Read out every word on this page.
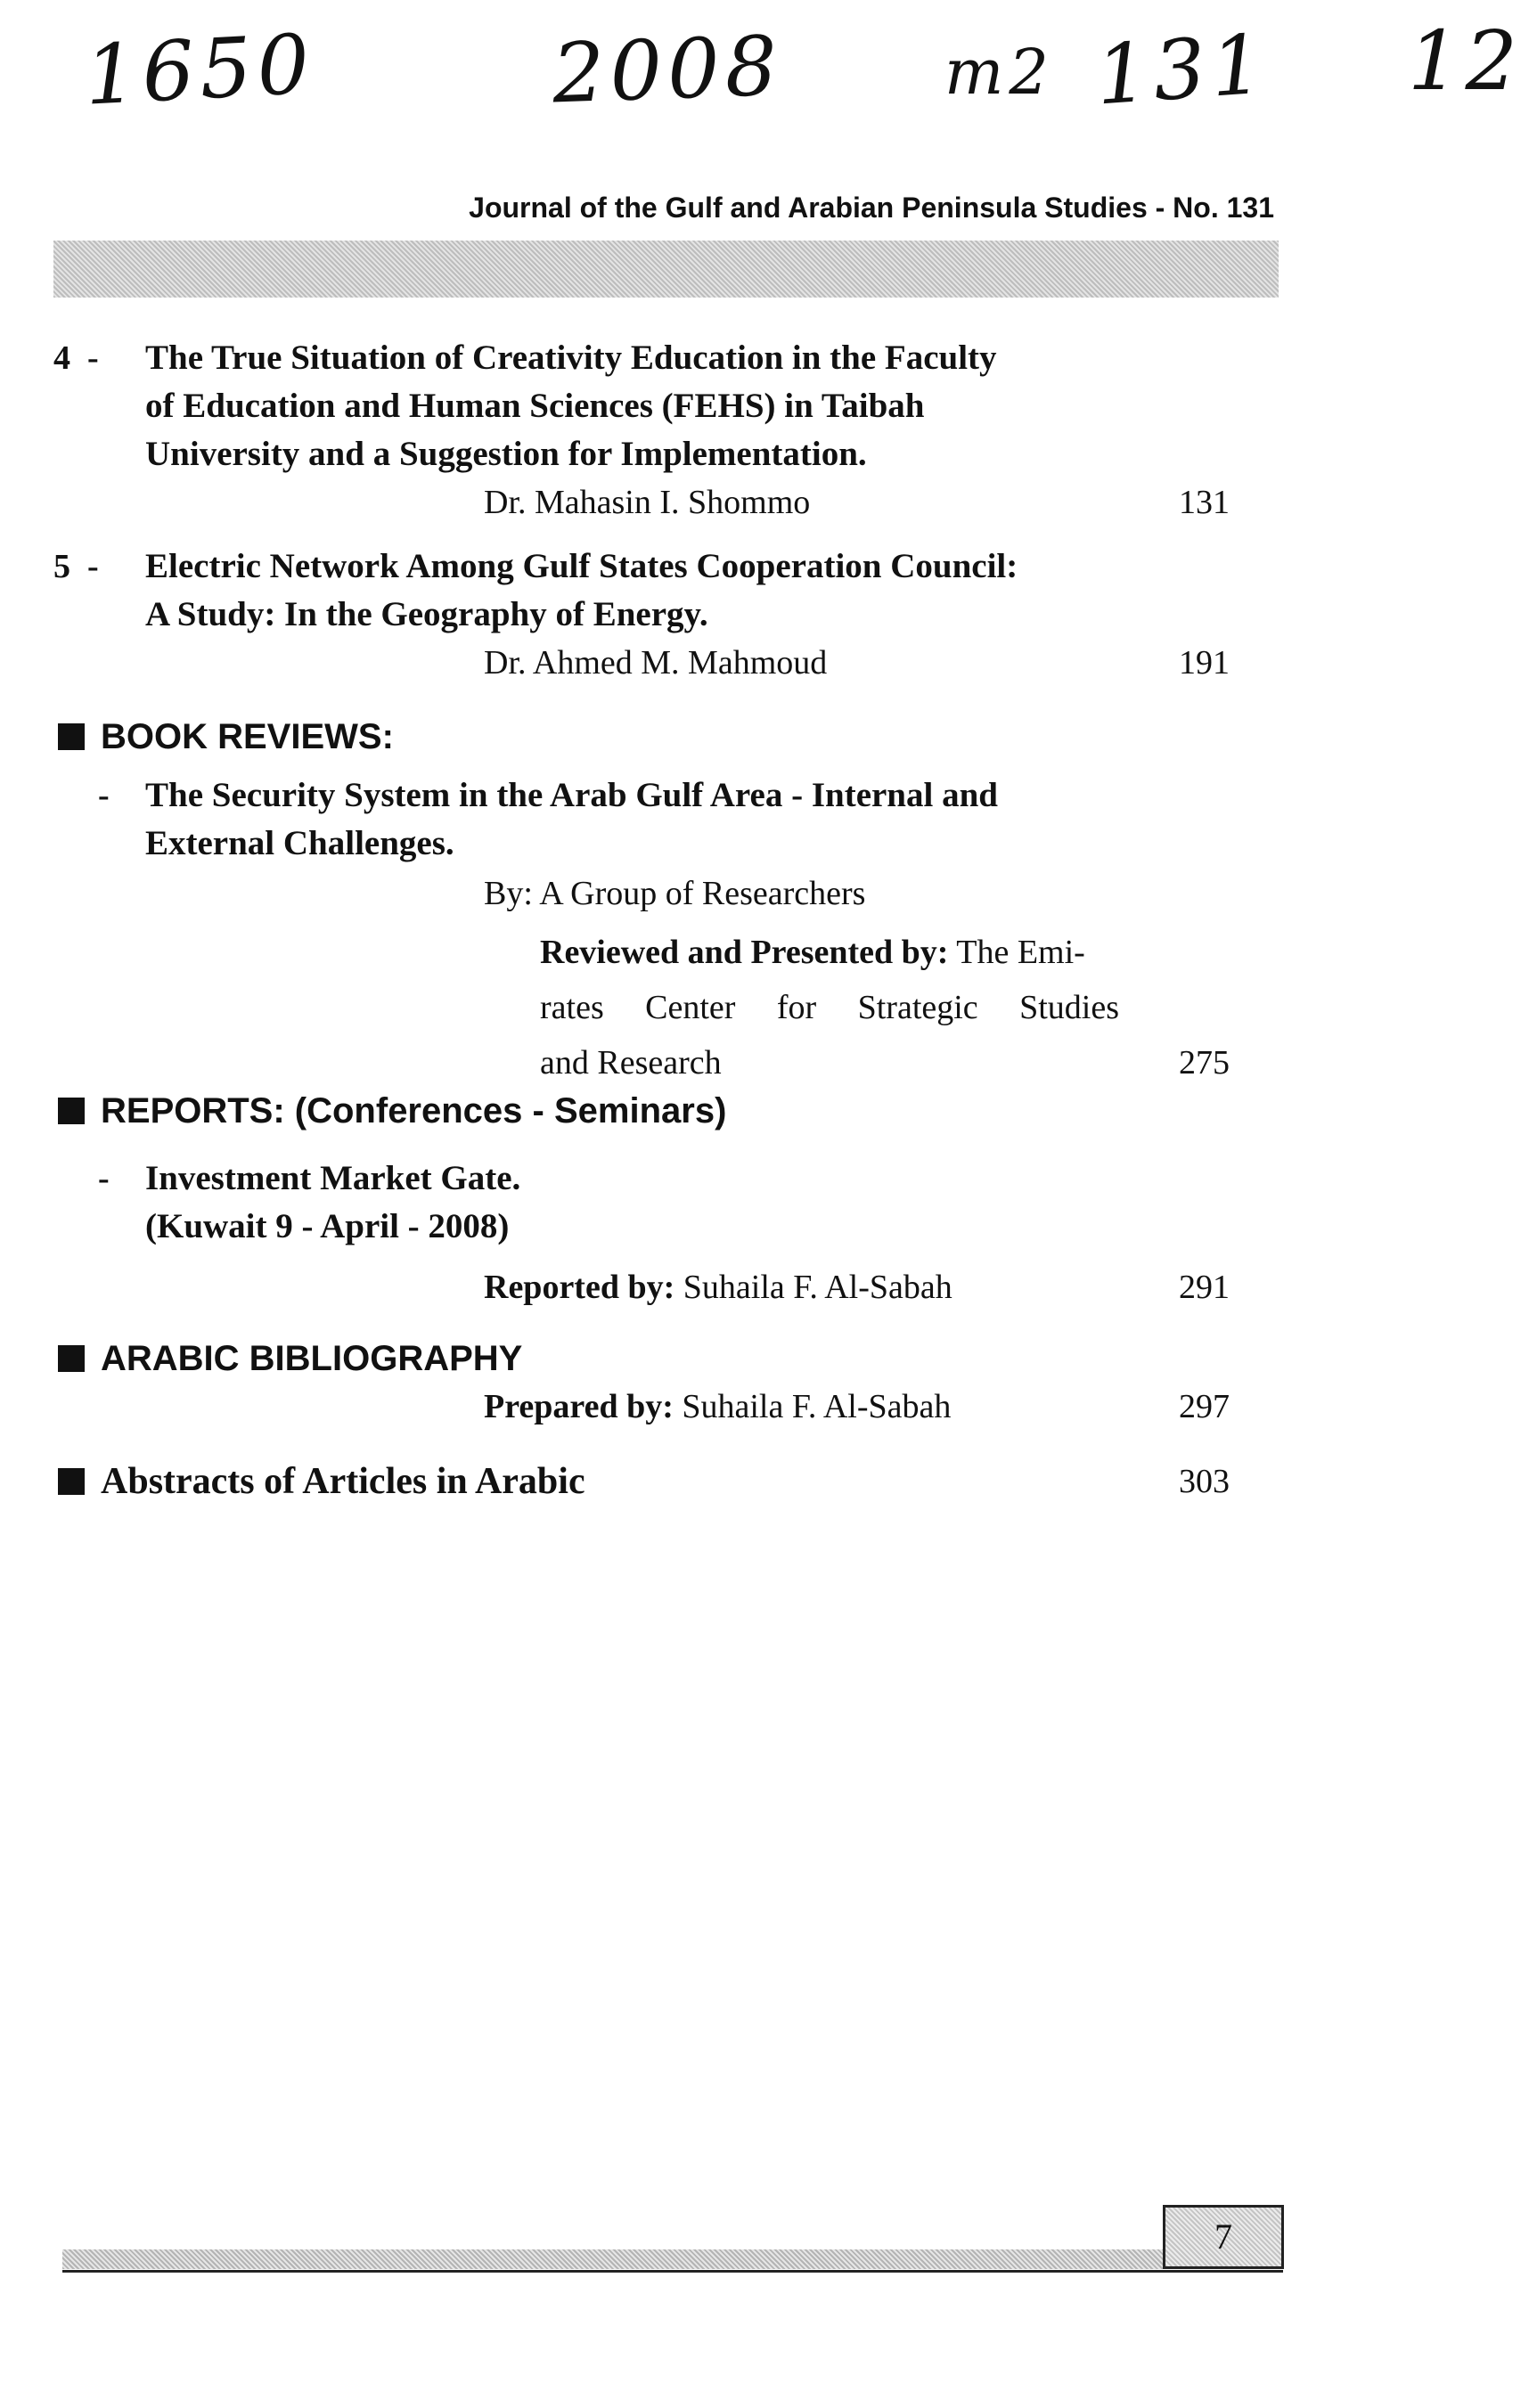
1650	2008	m2 131 12
Journal of the Gulf and Arabian Peninsula Studies - No. 131
4 -	The True Situation of Creativity Education in the Faculty
of Education and Human Sciences (FEHS) in Taibah
University and a Suggestion for Implementation.
Dr. Mahasin I. Shommo	131
5 -	Electric Network Among Gulf States Cooperation Council:
A Study: In the Geography of Energy.
Dr. Ahmed M. Mahmoud	191
BOOK REVIEWS:
- The Security System in the Arab Gulf Area - Internal and
External Challenges.
By: A Group of Researchers
Reviewed and Presented by: The Emi-
rates Center for Strategic Studies
and Research	275
REPORTS: (Conferences - Seminars)
- Investment Market Gate.
(Kuwait 9 - April - 2008)
Reported by: Suhaila F. Al-Sabah	291
ARABIC BIBLIOGRAPHY
Prepared by: Suhaila F. Al-Sabah	297
Abstracts of Articles in Arabic	303
7
